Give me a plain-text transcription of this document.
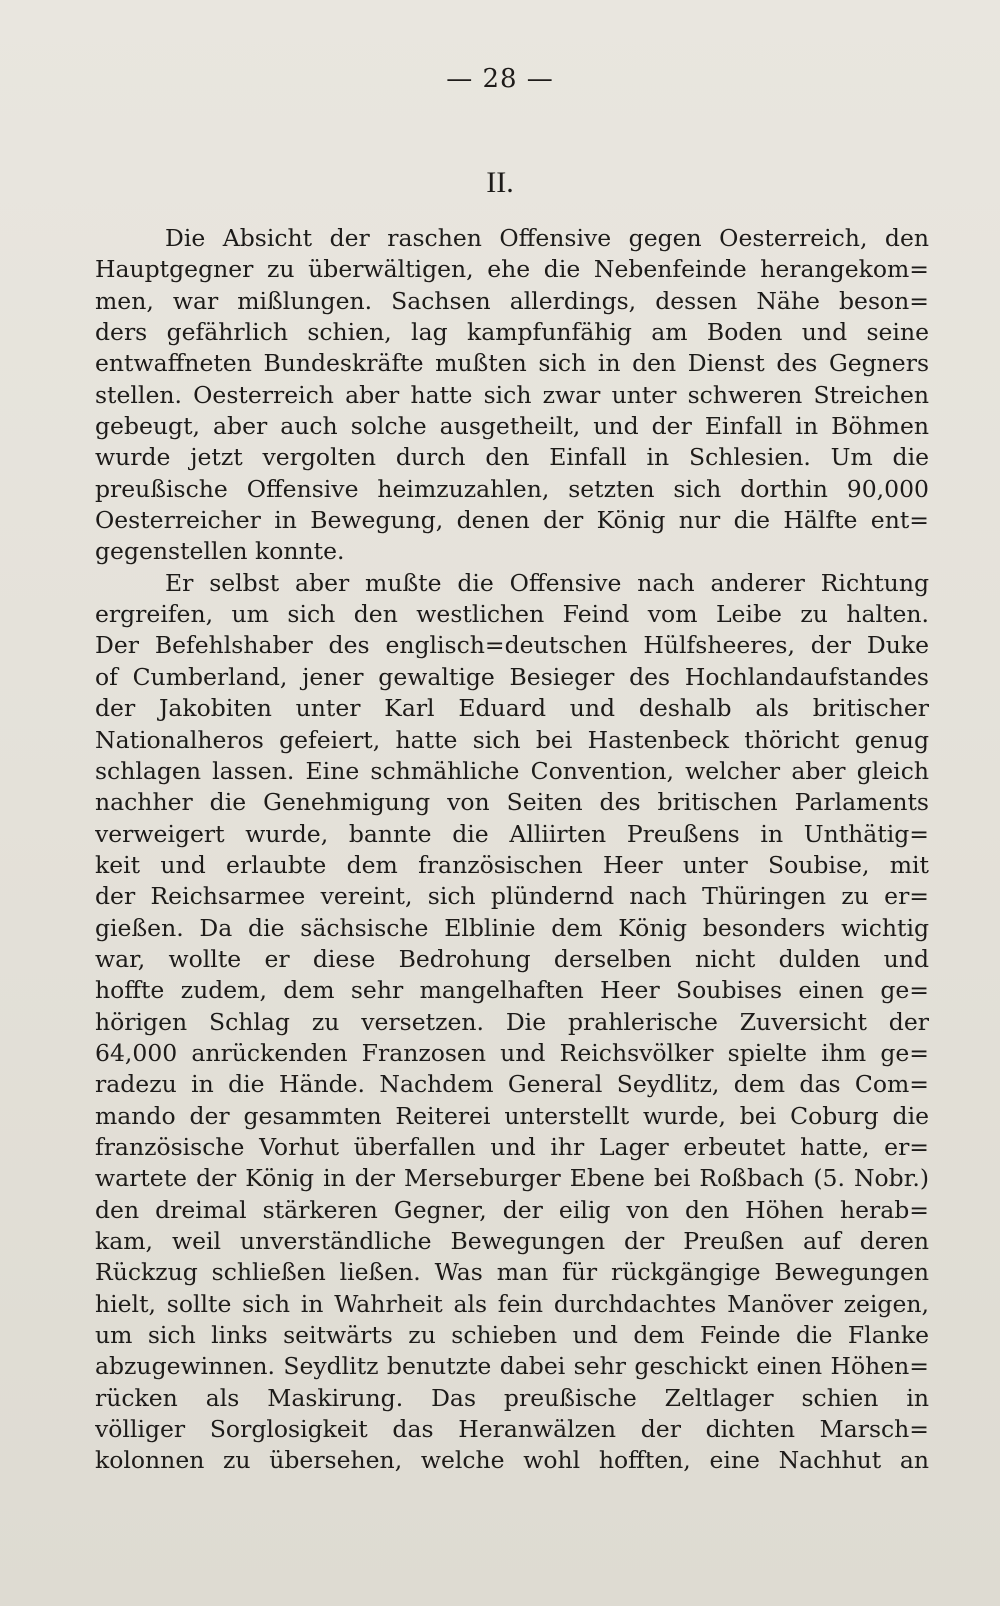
— 28 —
II.
Die Absicht der raschen Offensive gegen Oesterreich, den
Hauptgegner zu überwältigen, ehe die Nebenfeinde herangekom=
men, war mißlungen. Sachsen allerdings, dessen Nähe beson=
ders gefährlich schien, lag kampfunfähig am Boden und seine
entwaffneten Bundeskräfte mußten sich in den Dienst des Gegners
stellen. Oesterreich aber hatte sich zwar unter schweren Streichen
gebeugt, aber auch solche ausgetheilt, und der Einfall in Böhmen
wurde jetzt vergolten durch den Einfall in Schlesien. Um die
preußische Offensive heimzuzahlen, setzten sich dorthin 90,000
Oesterreicher in Bewegung, denen der König nur die Hälfte ent=
gegenstellen konnte.
Er selbst aber mußte die Offensive nach anderer Richtung
ergreifen, um sich den westlichen Feind vom Leibe zu halten.
Der Befehlshaber des englisch=deutschen Hülfsheeres, der Duke
of Cumberland, jener gewaltige Besieger des Hochlandaufstandes
der Jakobiten unter Karl Eduard und deshalb als britischer
Nationalheros gefeiert, hatte sich bei Hastenbeck thöricht genug
schlagen lassen. Eine schmähliche Convention, welcher aber gleich
nachher die Genehmigung von Seiten des britischen Parlaments
verweigert wurde, bannte die Alliirten Preußens in Unthätig=
keit und erlaubte dem französischen Heer unter Soubise, mit
der Reichsarmee vereint, sich plündernd nach Thüringen zu er=
gießen. Da die sächsische Elblinie dem König besonders wichtig
war, wollte er diese Bedrohung derselben nicht dulden und
hoffte zudem, dem sehr mangelhaften Heer Soubises einen ge=
hörigen Schlag zu versetzen. Die prahlerische Zuversicht der
64,000 anrückenden Franzosen und Reichsvölker spielte ihm ge=
radezu in die Hände. Nachdem General Seydlitz, dem das Com=
mando der gesammten Reiterei unterstellt wurde, bei Coburg die
französische Vorhut überfallen und ihr Lager erbeutet hatte, er=
wartete der König in der Merseburger Ebene bei Roßbach (5. Nobr.)
den dreimal stärkeren Gegner, der eilig von den Höhen herab=
kam, weil unverständliche Bewegungen der Preußen auf deren
Rückzug schließen ließen. Was man für rückgängige Bewegungen
hielt, sollte sich in Wahrheit als fein durchdachtes Manöver zeigen,
um sich links seitwärts zu schieben und dem Feinde die Flanke
abzugewinnen. Seydlitz benutzte dabei sehr geschickt einen Höhen=
rücken als Maskirung. Das preußische Zeltlager schien in
völliger Sorglosigkeit das Heranwälzen der dichten Marsch=
kolonnen zu übersehen, welche wohl hofften, eine Nachhut an
